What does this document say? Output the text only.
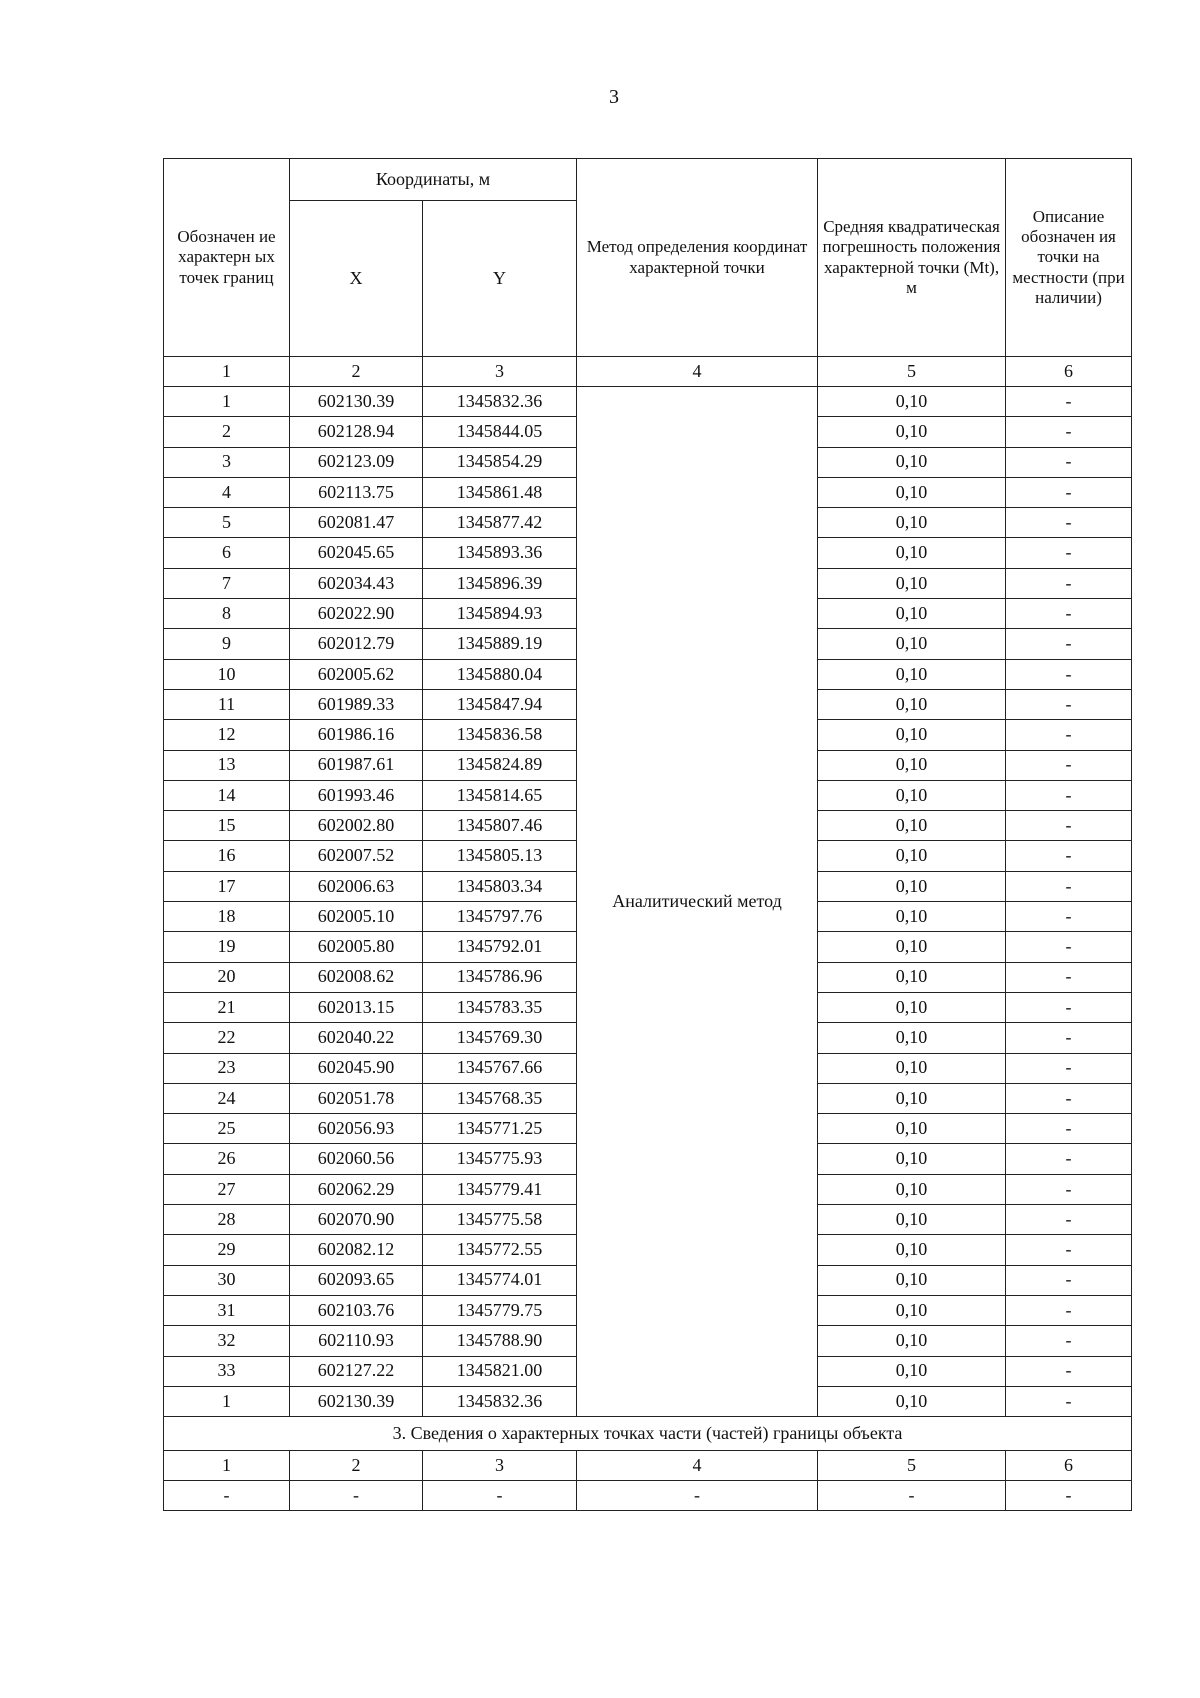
3
Обозначен ие характерн ых точек границ	Координаты, м		Метод определения координат характерной точки	Средняя квадратическая погрешность положения характерной точки (Mt), м	Описание обозначен ия точки на местности (при наличии)
	X	Y			
1	2	3	4	5	6
1	602130.39	1345832.36	Аналитический метод	0,10	-
2	602128.94	1345844.05		0,10	-
3	602123.09	1345854.29		0,10	-
4	602113.75	1345861.48		0,10	-
5	602081.47	1345877.42		0,10	-
6	602045.65	1345893.36		0,10	-
7	602034.43	1345896.39		0,10	-
8	602022.90	1345894.93		0,10	-
9	602012.79	1345889.19		0,10	-
10	602005.62	1345880.04		0,10	-
11	601989.33	1345847.94		0,10	-
12	601986.16	1345836.58		0,10	-
13	601987.61	1345824.89		0,10	-
14	601993.46	1345814.65		0,10	-
15	602002.80	1345807.46		0,10	-
16	602007.52	1345805.13		0,10	-
17	602006.63	1345803.34		0,10	-
18	602005.10	1345797.76		0,10	-
19	602005.80	1345792.01		0,10	-
20	602008.62	1345786.96		0,10	-
21	602013.15	1345783.35		0,10	-
22	602040.22	1345769.30		0,10	-
23	602045.90	1345767.66		0,10	-
24	602051.78	1345768.35		0,10	-
25	602056.93	1345771.25		0,10	-
26	602060.56	1345775.93		0,10	-
27	602062.29	1345779.41		0,10	-
28	602070.90	1345775.58		0,10	-
29	602082.12	1345772.55		0,10	-
30	602093.65	1345774.01		0,10	-
31	602103.76	1345779.75		0,10	-
32	602110.93	1345788.90		0,10	-
33	602127.22	1345821.00		0,10	-
1	602130.39	1345832.36		0,10	-
3. Сведения о характерных точках части (частей) границы объекта					
1	2	3	4	5	6
-	-	-	-	-	-
